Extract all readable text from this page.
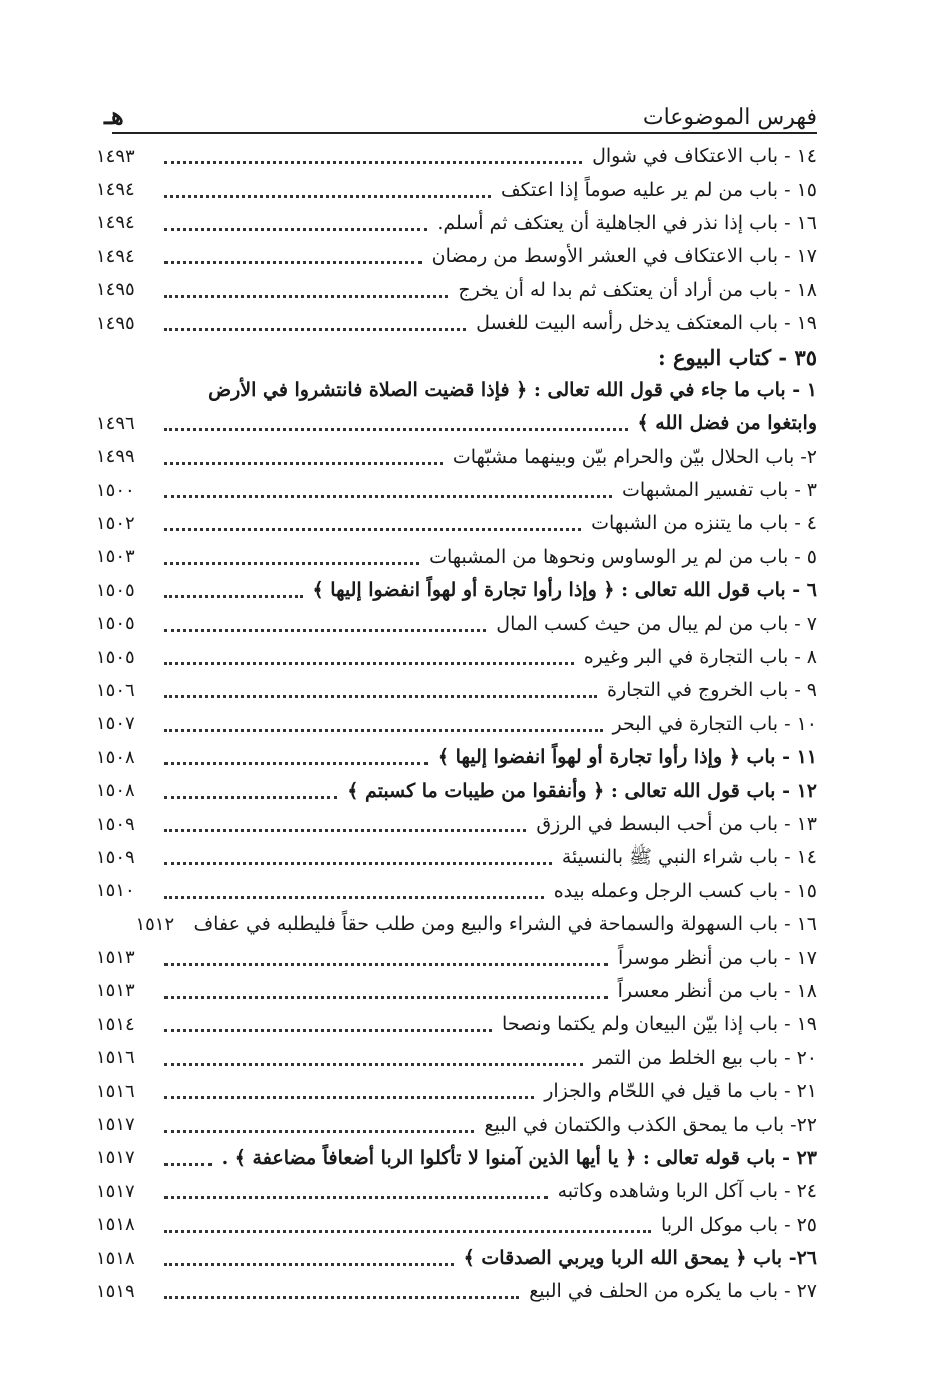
فهرس الموضوعات
هـ
١٤ - باب الاعتكاف في شوال
١٤٩٣
١٥ - باب من لم ير عليه صوماً إذا اعتكف
١٤٩٤
١٦ - باب إذا نذر في الجاهلية أن يعتكف ثم أسلم.
١٤٩٤
١٧ - باب الاعتكاف في العشر الأوسط من رمضان
١٤٩٤
١٨ - باب من أراد أن يعتكف ثم بدا له أن يخرج
١٤٩٥
١٩ - باب المعتكف يدخل رأسه البيت للغسل
١٤٩٥
٣٥ - كتاب البيوع :
١ - باب ما جاء في قول الله تعالى : ﴿ فإذا قضيت الصلاة فانتشروا في الأرض
وابتغوا من فضل الله ﴾
١٤٩٦
٢- باب الحلال بيّن والحرام بيّن وبينهما مشبّهات
١٤٩٩
٣ - باب تفسير المشبهات
١٥٠٠
٤ - باب ما يتنزه من الشبهات
١٥٠٢
٥ - باب من لم ير الوساوس ونحوها من المشبهات
١٥٠٣
٦ - باب قول الله تعالى : ﴿ وإذا رأوا تجارة أو لهواً انفضوا إليها ﴾
١٥٠٥
٧ - باب من لم يبال من حيث كسب المال
١٥٠٥
٨ - باب التجارة في البر وغيره
١٥٠٥
٩ - باب الخروج في التجارة
١٥٠٦
١٠ - باب التجارة في البحر
١٥٠٧
١١ - باب ﴿ وإذا رأوا تجارة أو لهواً انفضوا إليها ﴾
١٥٠٨
١٢ - باب قول الله تعالى : ﴿ وأنفقوا من طيبات ما كسبتم ﴾
١٥٠٨
١٣ - باب من أحب البسط في الرزق
١٥٠٩
١٤ - باب شراء النبي ﷺ بالنسيئة
١٥٠٩
١٥ - باب كسب الرجل وعمله بيده
١٥١٠
١٦ - باب السهولة والسماحة في الشراء والبيع ومن طلب حقاً فليطلبه في عفاف
١٥١٢
١٧ - باب من أنظر موسراً
١٥١٣
١٨ - باب من أنظر معسراً
١٥١٣
١٩ - باب إذا بيّن البيعان ولم يكتما ونصحا
١٥١٤
٢٠ - باب بيع الخلط من التمر
١٥١٦
٢١ - باب ما قيل في اللحّام والجزار
١٥١٦
٢٢- باب ما يمحق الكذب والكتمان في البيع
١٥١٧
٢٣ - باب قوله تعالى : ﴿ يا أيها الذين آمنوا لا تأكلوا الربا أضعافاً مضاعفة ﴾ .
١٥١٧
٢٤ - باب آكل الربا وشاهده وكاتبه
١٥١٧
٢٥ - باب موكل الربا
١٥١٨
٢٦- باب ﴿ يمحق الله الربا ويربي الصدقات ﴾
١٥١٨
٢٧ - باب ما يكره من الحلف في البيع
١٥١٩
